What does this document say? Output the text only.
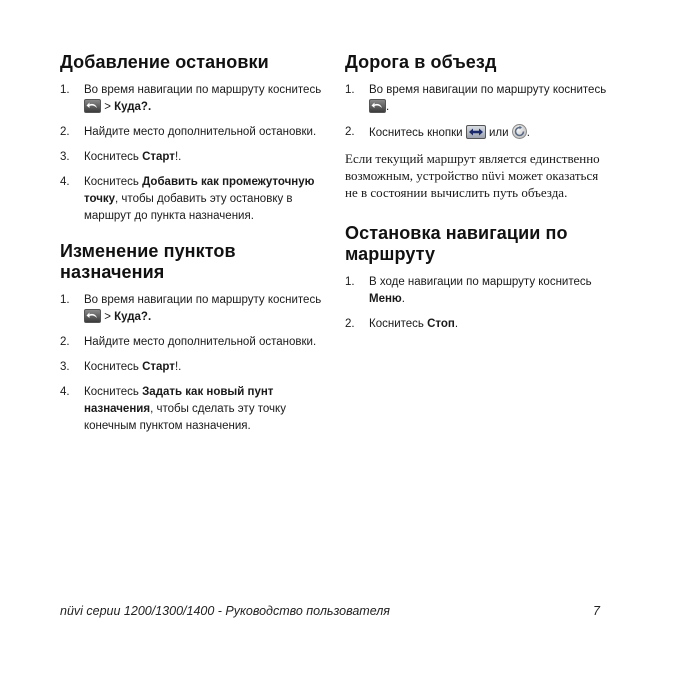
Добавление остановки
1. Во время навигации по маршруту коснитесь
> Куда?.
2. Найдите место дополнительной остановки.
3. Коснитесь Старт!.
4. Коснитесь Добавить как промежуточную точку, чтобы добавить эту остановку в маршрут до пункта назначения.
Изменение пунктов назначения
1. Во время навигации по маршруту коснитесь
> Куда?.
2. Найдите место дополнительной остановки.
3. Коснитесь Старт!.
4. Коснитесь Задать как новый пунт назначения, чтобы сделать эту точку конечным пунктом назначения.
Дорога в объезд
1. Во время навигации по маршруту коснитесь
.
2. Коснитесь кнопки
или
.

Если текущий маршрут является единственно возможным, устройство nüvi может оказаться не в состоянии вычислить путь объезда.

Остановка навигации по маршруту
1. В ходе навигации по маршруту коснитесь Меню.
2. Коснитесь Стоп.
nüvi серии 1200/1300/1400 - Руководство пользователя	7
